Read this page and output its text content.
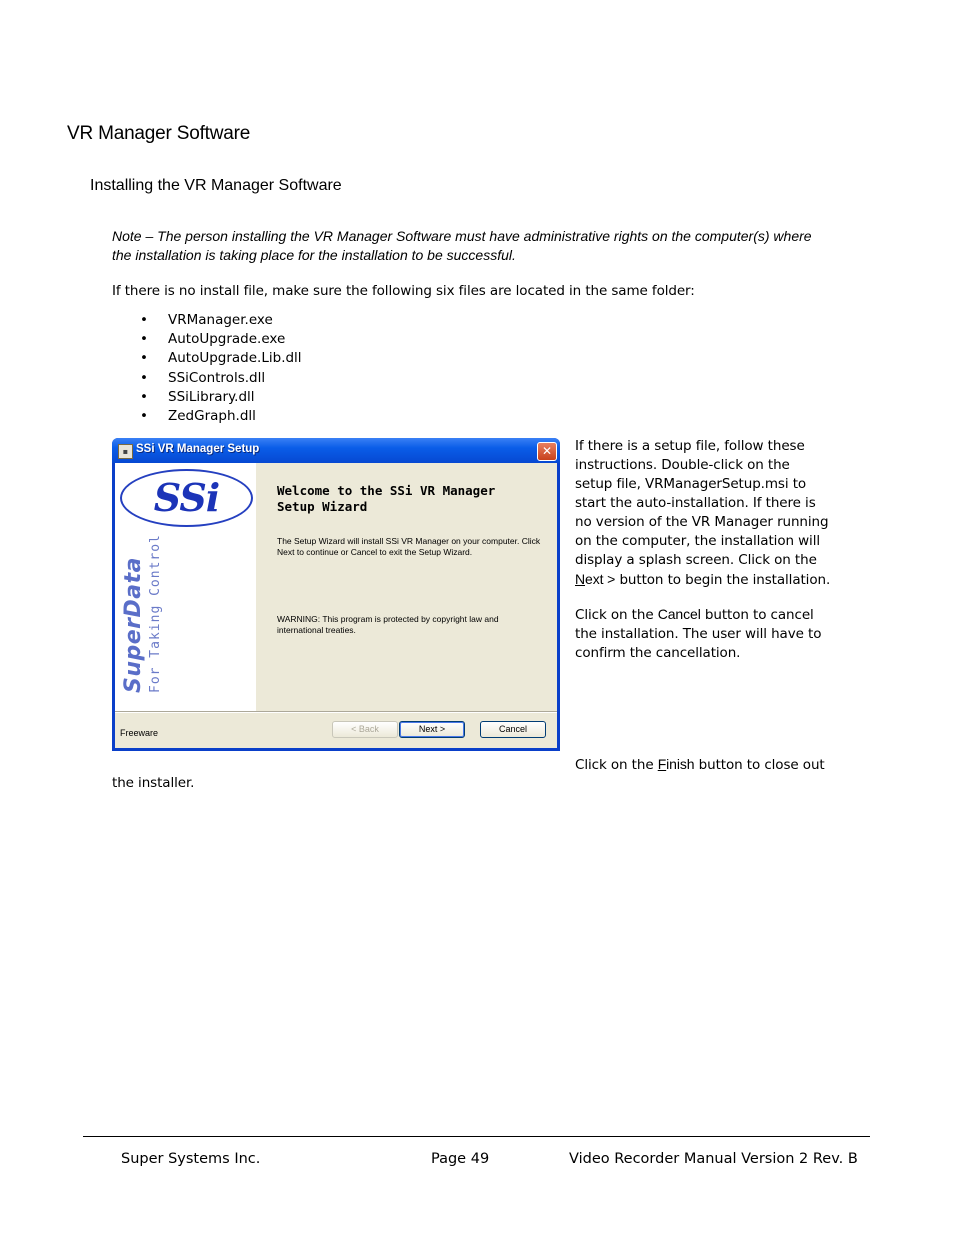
VR Manager Software
Installing the VR Manager Software
Note – The person installing the VR Manager Software must have administrative rights on the computer(s) where the installation is taking place for the installation to be successful.
If there is no install file, make sure the following six files are located in the same folder:
• VRManager.exe
• AutoUpgrade.exe
• AutoUpgrade.Lib.dll
• SSiControls.dll
• SSiLibrary.dll
• ZedGraph.dll
▪ SSi VR Manager Setup	✕
SSi
SuperData For Taking Control
Welcome to the SSi VR Manager Setup Wizard
The Setup Wizard will install SSi VR Manager on your computer. Click Next to continue or Cancel to exit the Setup Wizard.
WARNING: This program is protected by copyright law and international treaties.
Freeware	< Back	Next >	Cancel
If there is a setup file, follow these
instructions. Double-click on the
setup file, VRManagerSetup.msi to
start the auto-installation. If there is
no version of the VR Manager running
on the computer, the installation will
display a splash screen. Click on the
Next > button to begin the installation.
Click on the Cancel button to cancel
the installation. The user will have to
confirm the cancellation.
Click on the Finish button to close out
the installer.
Super Systems Inc.	Page 49	Video Recorder Manual Version 2 Rev. B
